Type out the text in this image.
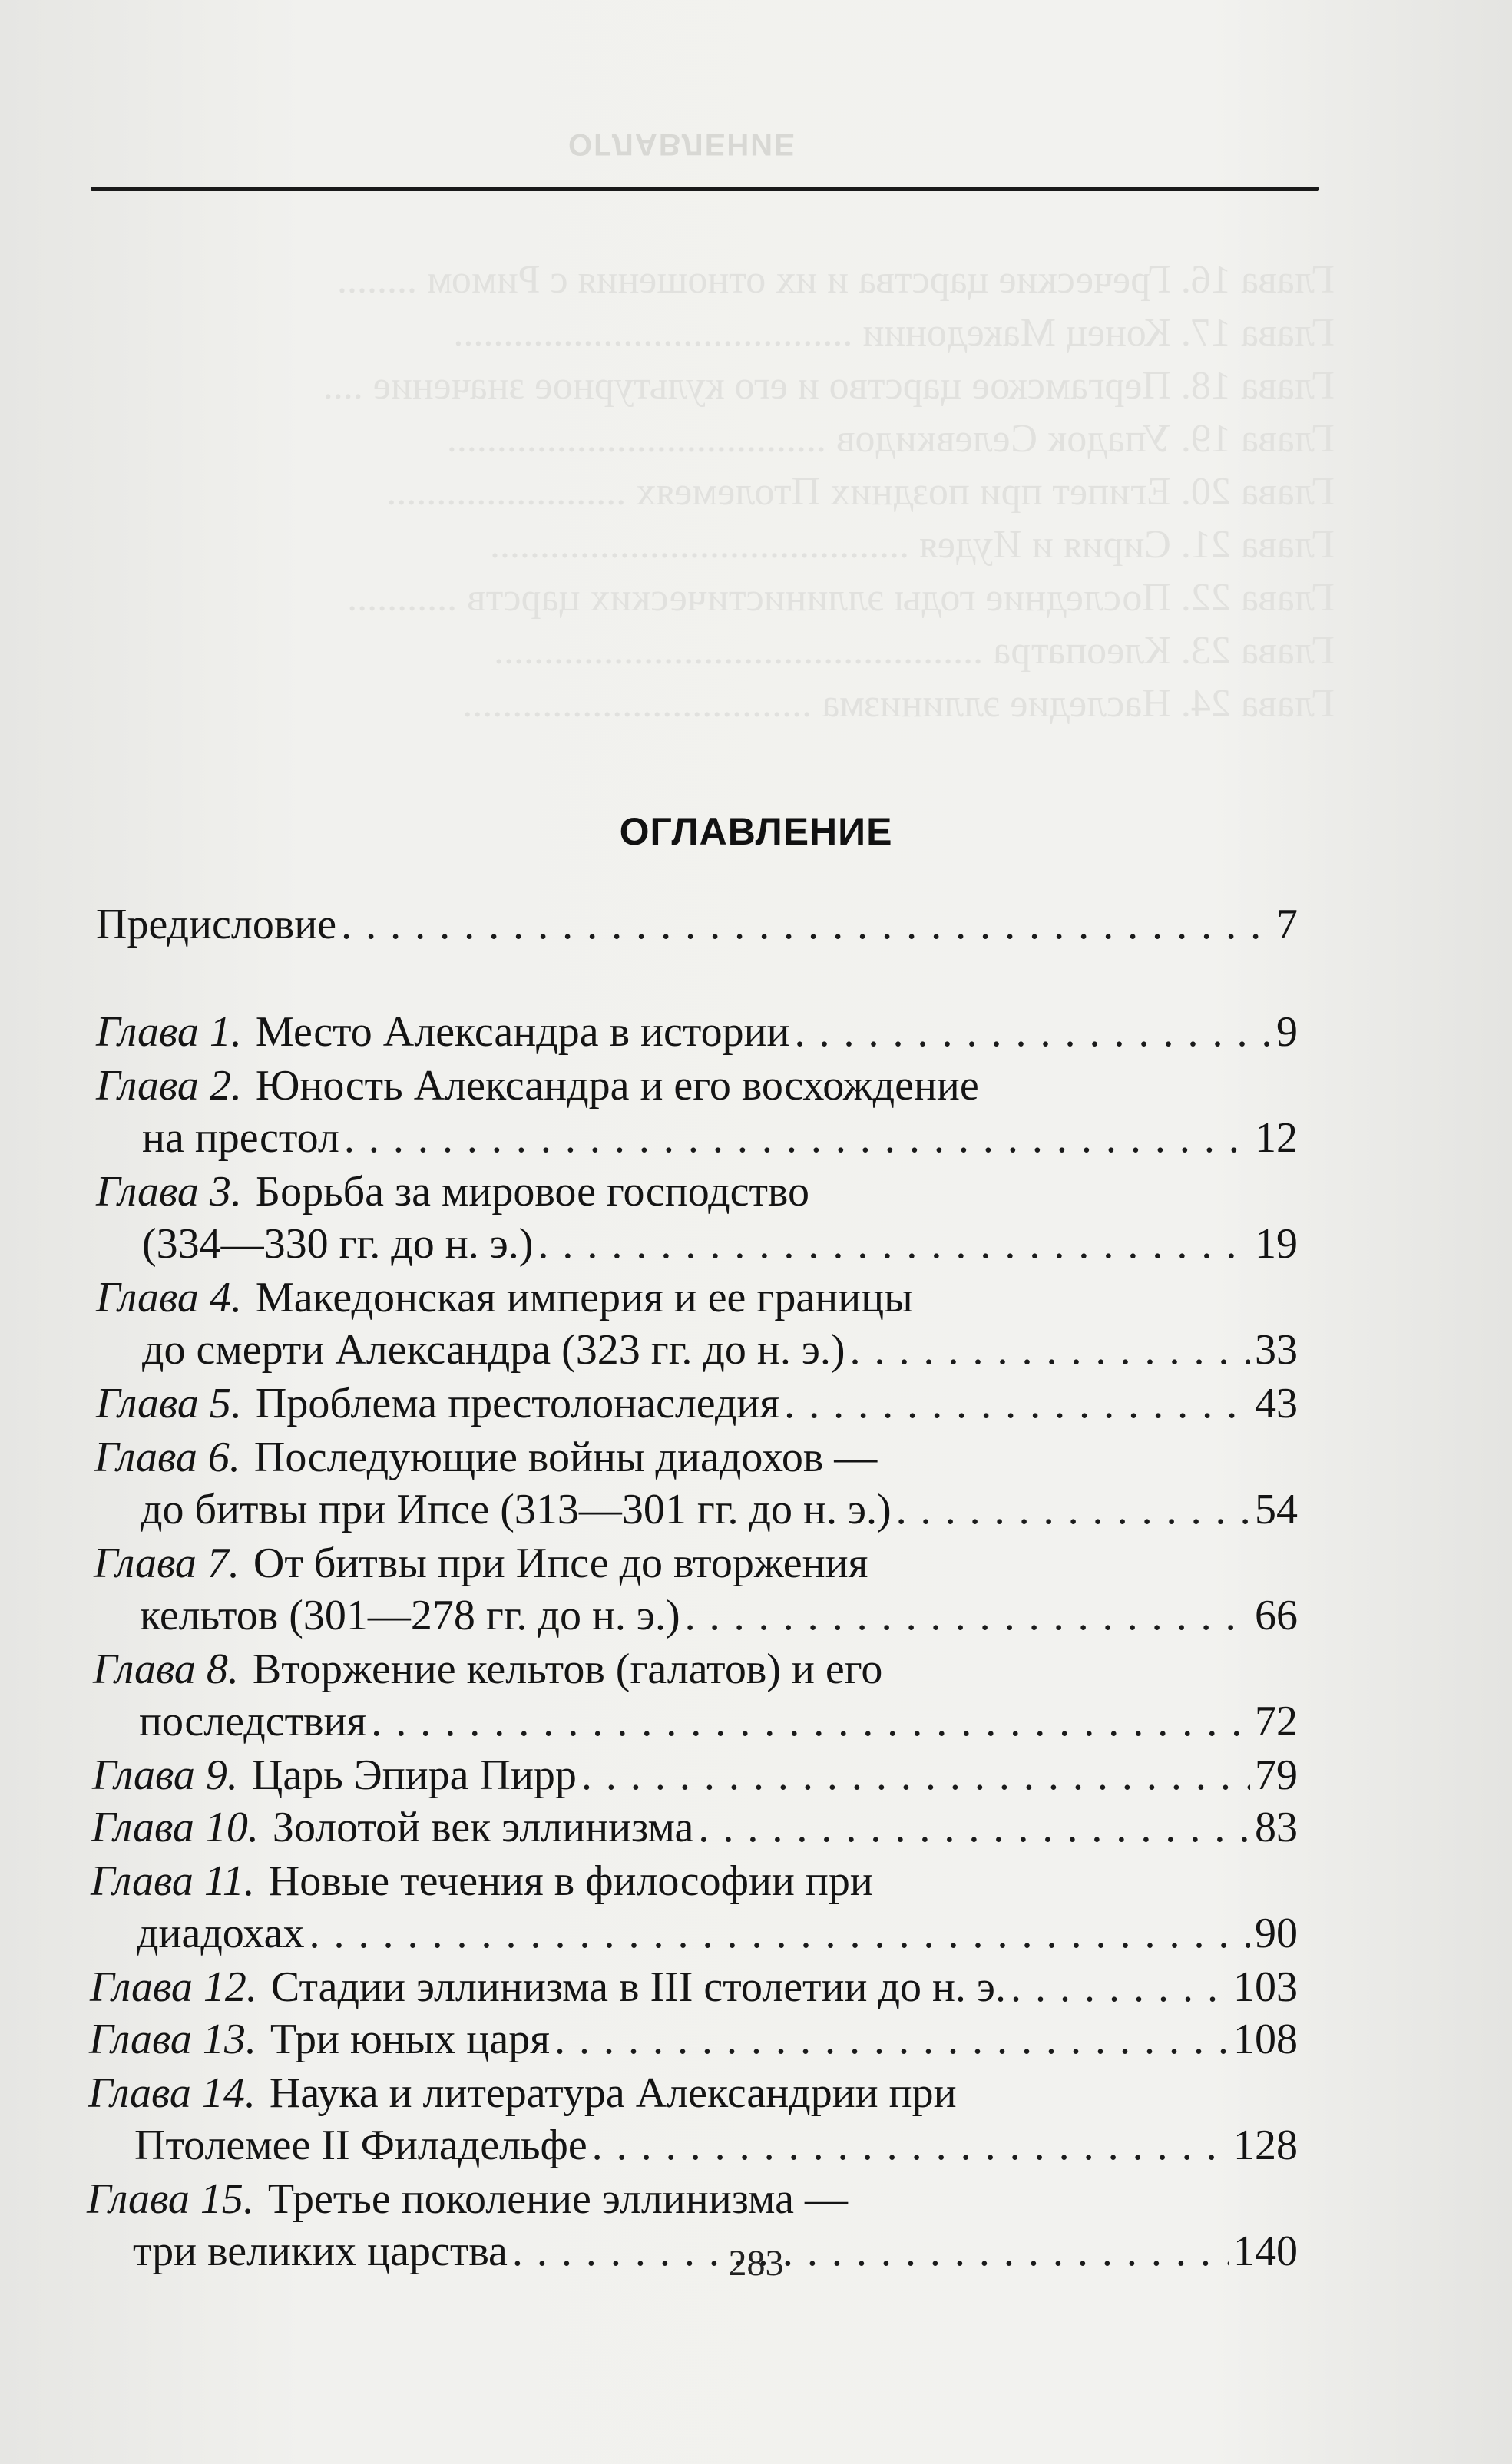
ОГЛАВЛЕНИЕ
Глава 16. Греческие царства и их отношения с Римом ........
Глава 17. Конец Македонии ........................................
Глава 18. Пергамское царство и его культурное значение ....
Глава 19. Упадок Селевкидов ......................................
Глава 20. Египет при поздних Птолемеях ........................
Глава 21. Сирия и Иудея ..........................................
Глава 22. Последние годы эллинистических царств ...........
Глава 23. Клеопатра .................................................
Глава 24. Наследие эллинизма ...................................
ОГЛАВЛЕНИЕ
Предисловие . . .	7
Глава 1. Место Александра в истории . . .	9
Глава 2. Юность Александра и его восхождение
на престол . . .	12
Глава 3. Борьба за мировое господство
(334—330 гг. до н. э.) . . .	19
Глава 4. Македонская империя и ее границы
до смерти Александра (323 гг. до н. э.) . . .	33
Глава 5. Проблема престолонаследия . . .	43
Глава 6. Последующие войны диадохов —
до битвы при Ипсе (313—301 гг. до н. э.) . . .	54
Глава 7. От битвы при Ипсе до вторжения
кельтов (301—278 гг. до н. э.) . . .	66
Глава 8. Вторжение кельтов (галатов) и его
последствия . . .	72
Глава 9. Царь Эпира Пирр . . .	79
Глава 10. Золотой век эллинизма . . .	83
Глава 11. Новые течения в философии при
диадохах . . .	90
Глава 12. Стадии эллинизма в III столетии до н. э. . . .	103
Глава 13. Три юных царя . . .	108
Глава 14. Наука и литература Александрии при
Птолемее II Филадельфе . . .	128
Глава 15. Третье поколение эллинизма —
три великих царства . . .	140
283
